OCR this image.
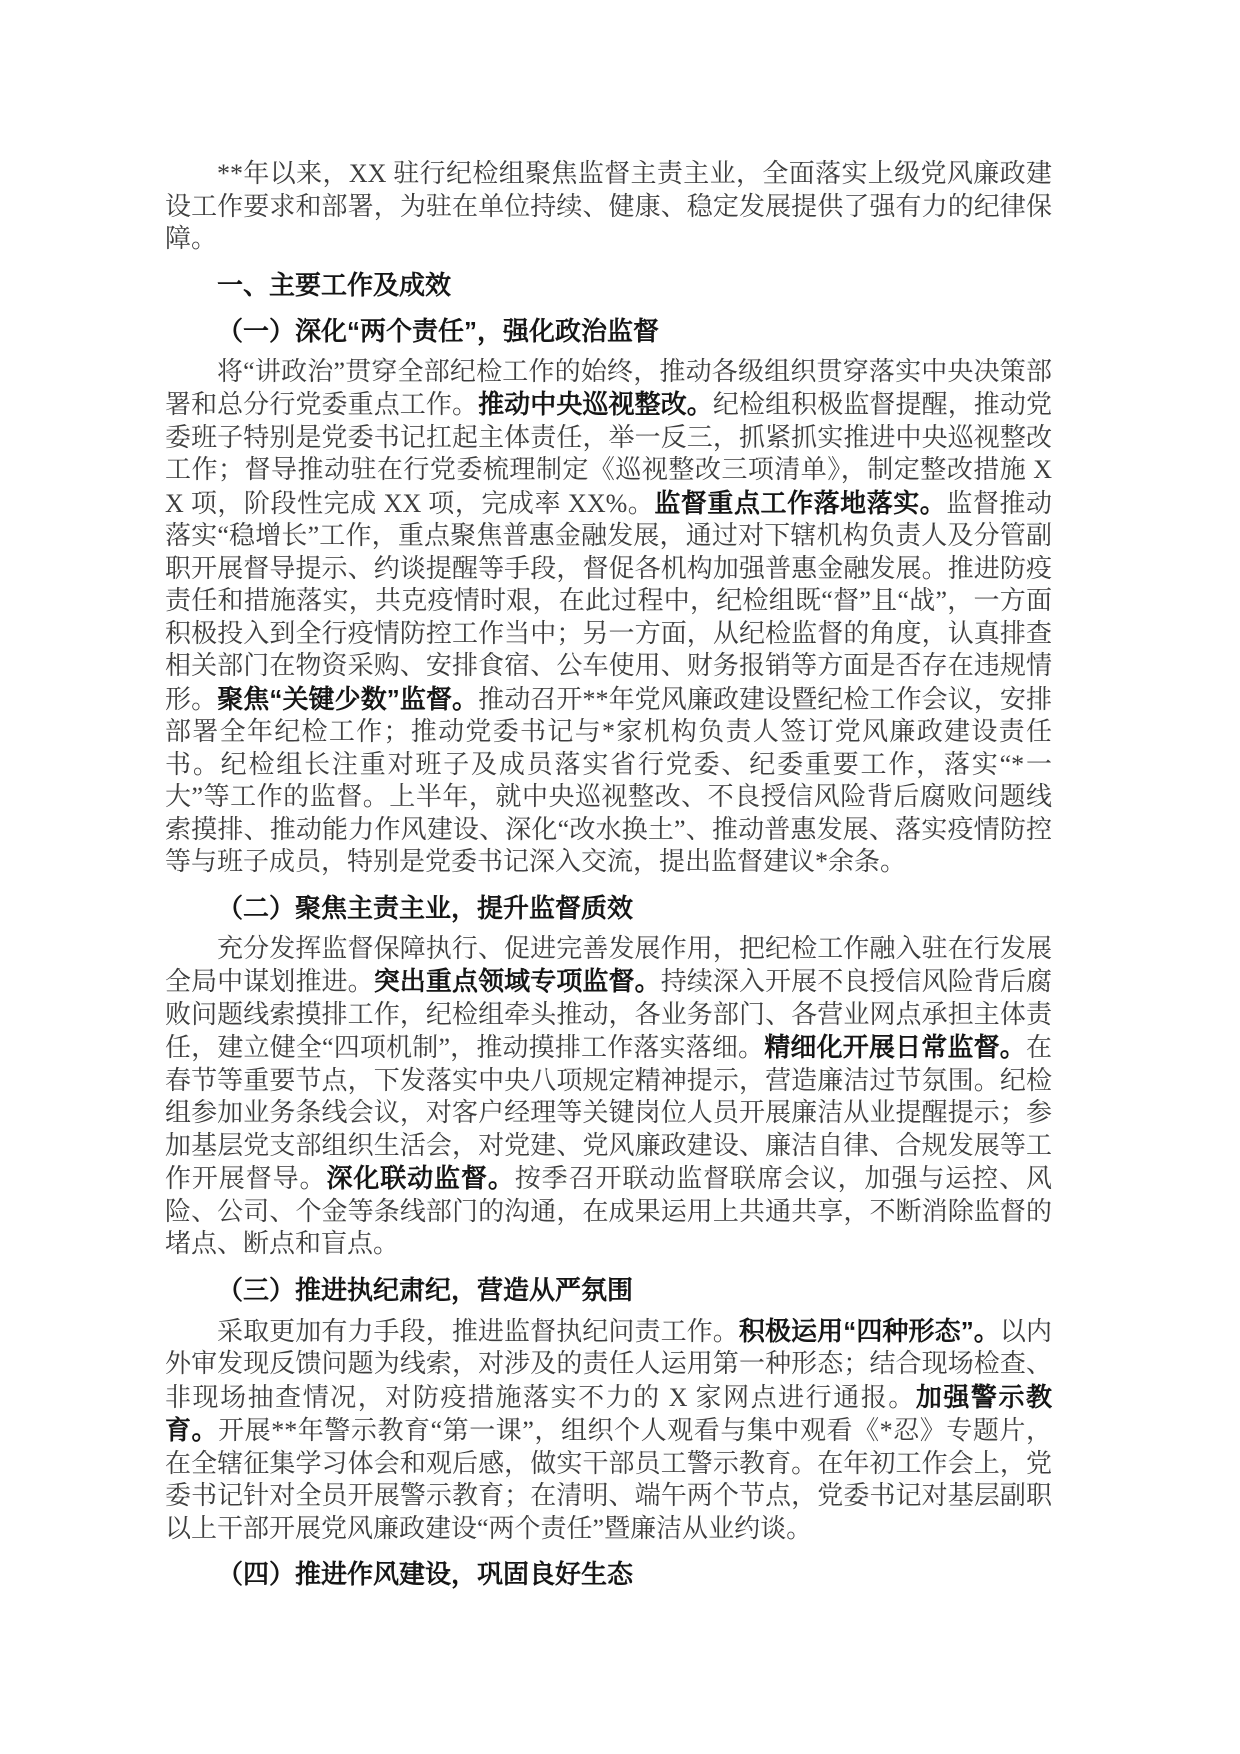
**年以来，XX 驻行纪检组聚焦监督主责主业，全面落实上级党风廉政建设工作要求和部署，为驻在单位持续、健康、稳定发展提供了强有力的纪律保障。

一、主要工作及成效
（一）深化“两个责任”，强化政治监督

将“讲政治”贯穿全部纪检工作的始终，推动各级组织贯穿落实中央决策部署和总分行党委重点工作。推动中央巡视整改。纪检组积极监督提醒，推动党委班子特别是党委书记扛起主体责任，举一反三，抓紧抓实推进中央巡视整改工作；督导推动驻在行党委梳理制定《巡视整改三项清单》，制定整改措施 XX 项，阶段性完成 XX 项，完成率 XX%。监督重点工作落地落实。监督推动落实“稳增长”工作，重点聚焦普惠金融发展，通过对下辖机构负责人及分管副职开展督导提示、约谈提醒等手段，督促各机构加强普惠金融发展。推进防疫责任和措施落实，共克疫情时艰，在此过程中，纪检组既“督”且“战”，一方面积极投入到全行疫情防控工作当中；另一方面，从纪检监督的角度，认真排查相关部门在物资采购、安排食宿、公车使用、财务报销等方面是否存在违规情形。聚焦“关键少数”监督。推动召开**年党风廉政建设暨纪检工作会议，安排部署全年纪检工作；推动党委书记与*家机构负责人签订党风廉政建设责任书。纪检组长注重对班子及成员落实省行党委、纪委重要工作，落实“*一大”等工作的监督。上半年，就中央巡视整改、不良授信风险背后腐败问题线索摸排、推动能力作风建设、深化“改水换土”、推动普惠发展、落实疫情防控等与班子成员，特别是党委书记深入交流，提出监督建议*余条。

（二）聚焦主责主业，提升监督质效

充分发挥监督保障执行、促进完善发展作用，把纪检工作融入驻在行发展全局中谋划推进。突出重点领域专项监督。持续深入开展不良授信风险背后腐败问题线索摸排工作，纪检组牵头推动，各业务部门、各营业网点承担主体责任，建立健全“四项机制”，推动摸排工作落实落细。精细化开展日常监督。在春节等重要节点，下发落实中央八项规定精神提示，营造廉洁过节氛围。纪检组参加业务条线会议，对客户经理等关键岗位人员开展廉洁从业提醒提示；参加基层党支部组织生活会，对党建、党风廉政建设、廉洁自律、合规发展等工作开展督导。深化联动监督。按季召开联动监督联席会议，加强与运控、风险、公司、个金等条线部门的沟通，在成果运用上共通共享，不断消除监督的堵点、断点和盲点。

（三）推进执纪肃纪，营造从严氛围

采取更加有力手段，推进监督执纪问责工作。积极运用“四种形态”。以内外审发现反馈问题为线索，对涉及的责任人运用第一种形态；结合现场检查、非现场抽查情况，对防疫措施落实不力的 X 家网点进行通报。加强警示教育。开展**年警示教育“第一课”，组织个人观看与集中观看《*忍》专题片，在全辖征集学习体会和观后感，做实干部员工警示教育。在年初工作会上，党委书记针对全员开展警示教育；在清明、端午两个节点，党委书记对基层副职以上干部开展党风廉政建设“两个责任”暨廉洁从业约谈。

（四）推进作风建设，巩固良好生态
